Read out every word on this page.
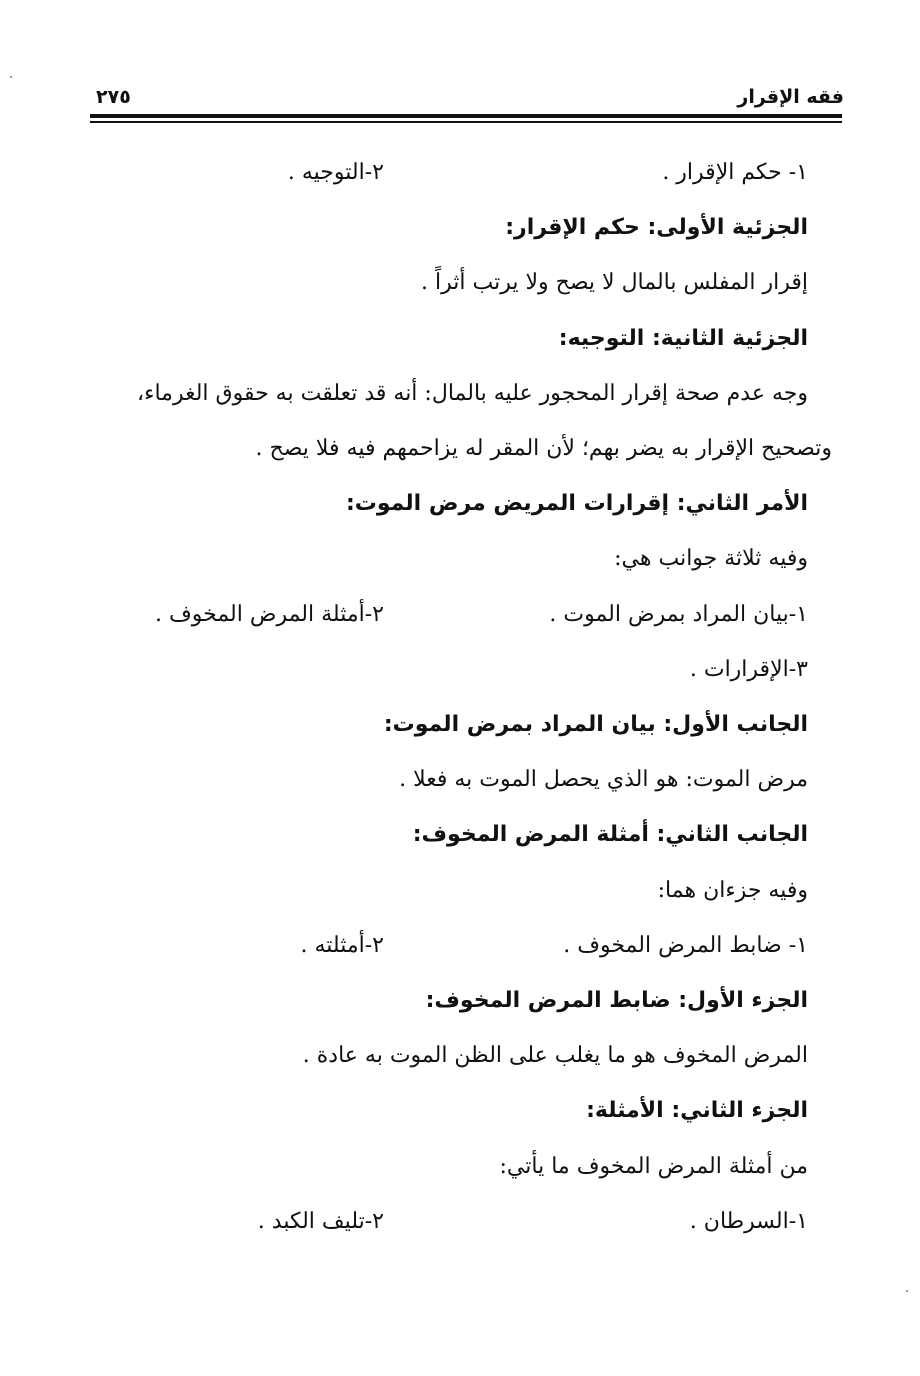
فقه الإقرار
٢٧٥
١- حكم الإقرار .
٢-التوجيه .
الجزئية الأولى: حكم الإقرار:
إقرار المفلس بالمال لا يصح ولا يرتب أثراً .
الجزئية الثانية: التوجيه:
وجه عدم صحة إقرار المحجور عليه بالمال: أنه قد تعلقت به حقوق الغرماء،
وتصحيح الإقرار به يضر بهم؛ لأن المقر له يزاحمهم فيه فلا يصح .
الأمر الثاني: إقرارات المريض مرض الموت:
وفيه ثلاثة جوانب هي:
١-بيان المراد بمرض الموت .
٢-أمثلة المرض المخوف .
٣-الإقرارات .
الجانب الأول: بيان المراد بمرض الموت:
مرض الموت: هو الذي يحصل الموت به فعلا .
الجانب الثاني: أمثلة المرض المخوف:
وفيه جزءان هما:
١- ضابط المرض المخوف .
٢-أمثلته .
الجزء الأول: ضابط المرض المخوف:
المرض المخوف هو ما يغلب على الظن الموت به عادة .
الجزء الثاني: الأمثلة:
من أمثلة المرض المخوف ما يأتي:
١-السرطان .
٢-تليف الكبد .
